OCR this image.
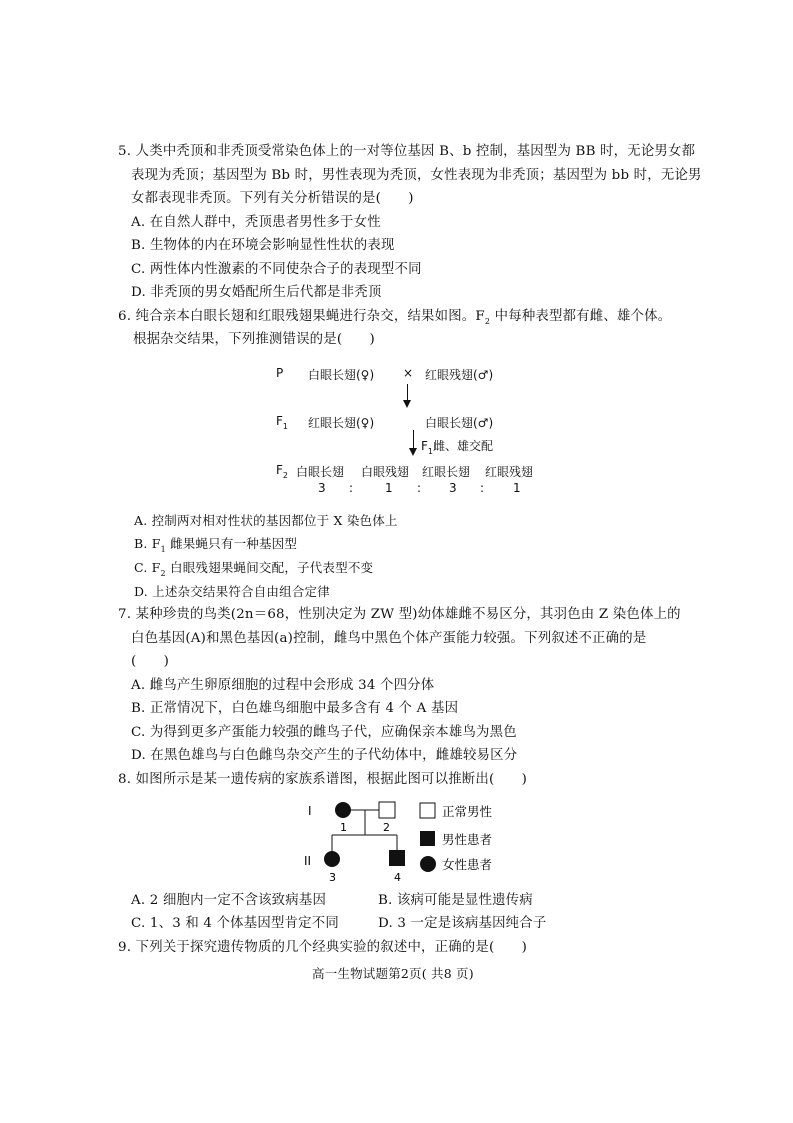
5. 人类中秃顶和非秃顶受常染色体上的一对等位基因 B、b 控制，基因型为 BB 时，无论男女都
表现为秃顶；基因型为 Bb 时，男性表现为秃顶，女性表现为非秃顶；基因型为 bb 时，无论男
女都表现非秃顶。下列有关分析错误的是(　　)
A. 在自然人群中，秃顶患者男性多于女性
B. 生物体的内在环境会影响显性性状的表现
C. 两性体内性激素的不同使杂合子的表现型不同
D. 非秃顶的男女婚配所生后代都是非秃顶
6. 纯合亲本白眼长翅和红眼残翅果蝇进行杂交，结果如图。$F_2$ 中每种表型都有雌、雄个体。
根据杂交结果，下列推测错误的是(　　)
P 白眼长翅(♀) × 红眼残翅(♂)
$F_1$ 红眼长翅(♀)	白眼长翅(♂)
$F_1$雌、雄交配
$F_2$ 白眼长翅 白眼残翅 红眼长翅 红眼残翅
3 :	1 : 3 : 1
A. 控制两对相对性状的基因都位于 X 染色体上
B. $F_1$ 雌果蝇只有一种基因型
C. $F_2$ 白眼残翅果蝇间交配，子代表型不变
D. 上述杂交结果符合自由组合定律
7. 某种珍贵的鸟类(2n＝68，性别决定为 ZW 型)幼体雄雌不易区分，其羽色由 Z 染色体上的
白色基因(A)和黑色基因(a)控制，雌鸟中黑色个体产蛋能力较强。下列叙述不正确的是
(　　)
A. 雌鸟产生卵原细胞的过程中会形成 34 个四分体
B. 正常情况下，白色雄鸟细胞中最多含有 4 个 A 基因
C. 为得到更多产蛋能力较强的雌鸟子代，应确保亲本雄鸟为黑色
D. 在黑色雄鸟与白色雌鸟杂交产生的子代幼体中，雌雄较易区分
8. 如图所示是某一遗传病的家族系谱图，根据此图可以推断出(　　)
I
II
1	2
3	4
正常男性
男性患者
女性患者
A. 2 细胞内一定不含该致病基因	B. 该病可能是显性遗传病
C. 1、3 和 4 个体基因型肯定不同	D. 3 一定是该病基因纯合子
9. 下列关于探究遗传物质的几个经典实验的叙述中，正确的是(　　)
高一生物试题第2页( 共8 页)
